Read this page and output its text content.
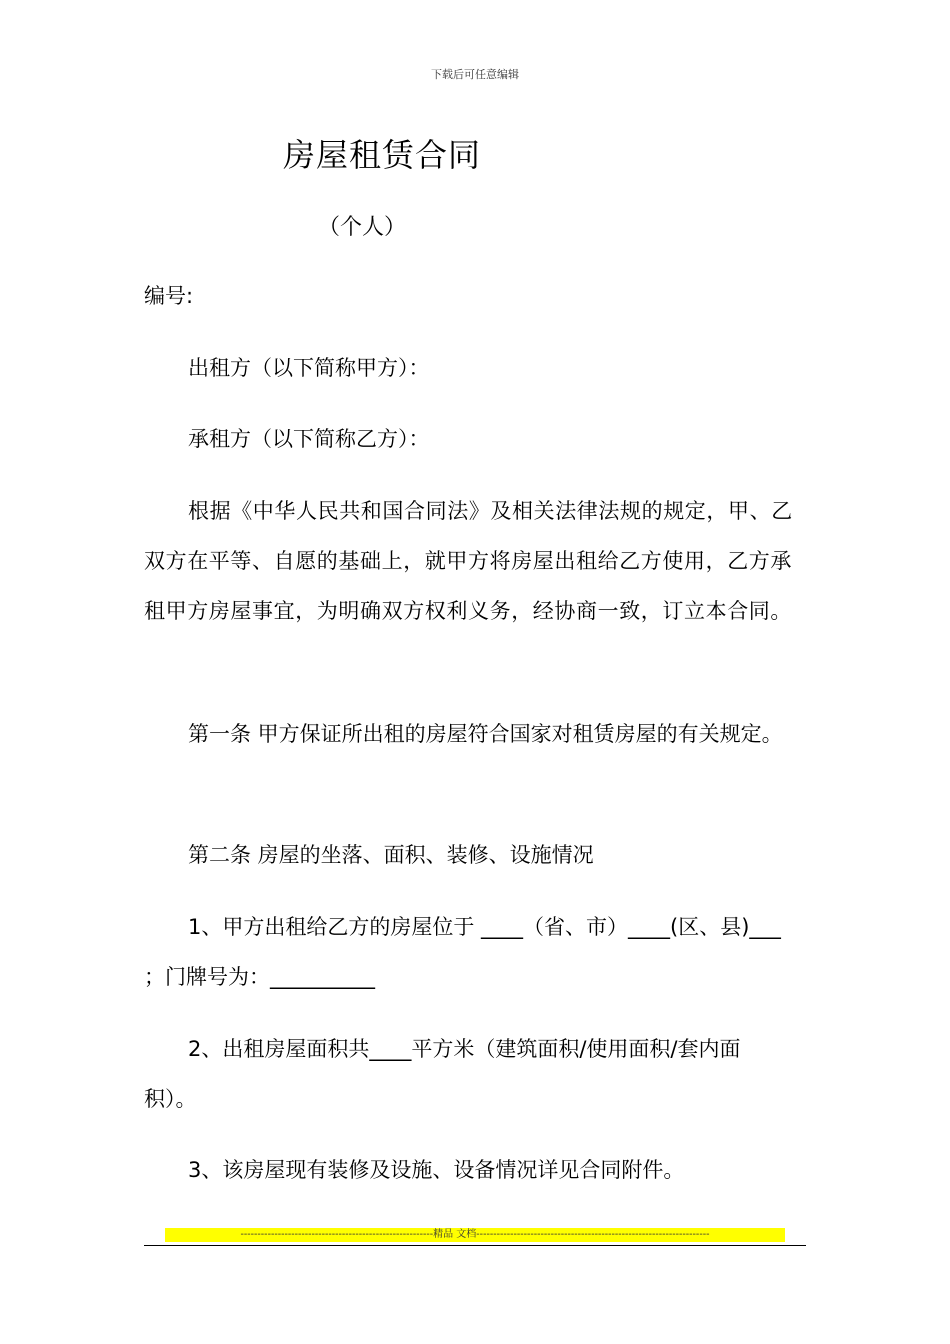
下载后可任意编辑
房屋租赁合同
（个人）
编号:
出租方（以下简称甲方）：
承租方（以下简称乙方）：
根据《中华人民共和国合同法》及相关法律法规的规定，甲、乙双方在平等、自愿的基础上，就甲方将房屋出租给乙方使用，乙方承租甲方房屋事宜，为明确双方权利义务，经协商一致，订立本合同。
第一条 甲方保证所出租的房屋符合国家对租赁房屋的有关规定。
第二条 房屋的坐落、面积、装修、设施情况
1、甲方出租给乙方的房屋位于 ____（省、市）____(区、县)___
；门牌号为：__________
2、出租房屋面积共____平方米（建筑面积/使用面积/套内面
积）。
3、该房屋现有装修及设施、设备情况详见合同附件。
---------------------------------------------------------精品 文档---------------------------------------------------------------------
